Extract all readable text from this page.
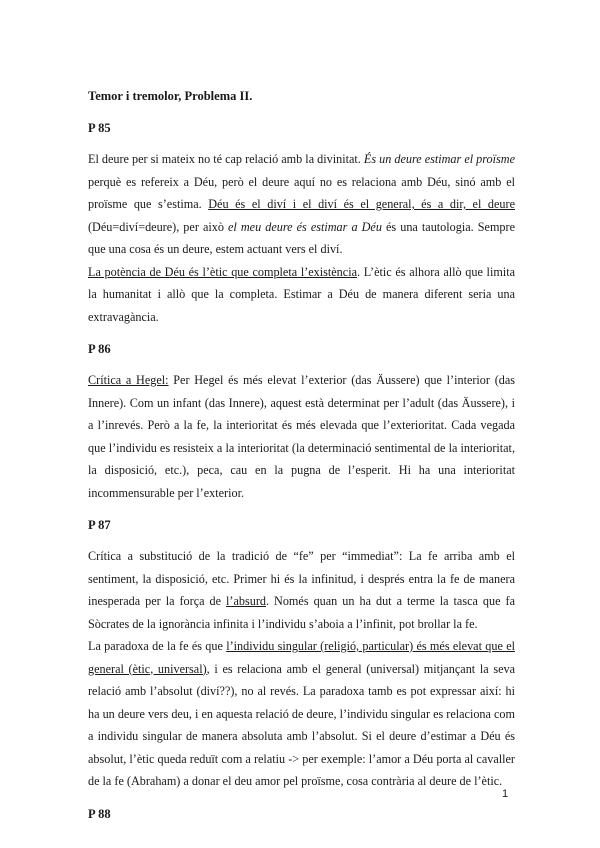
Temor i tremolor, Problema II.
P 85

El deure per si mateix no té cap relació amb la divinitat. És un deure estimar el proïsme perquè es refereix a Déu, però el deure aquí no es relaciona amb Déu, sinó amb el proïsme que s’estima. Déu és el diví i el diví és el general, és a dir, el deure (Déu=diví=deure), per això el meu deure és estimar a Déu és una tautologia. Sempre que una cosa és un deure, estem actuant vers el diví.

La potència de Déu és l’ètic que completa l’existència. L’ètic és alhora allò que limita la humanitat i allò que la completa. Estimar a Déu de manera diferent seria una extravagància.

P 86

Crítica a Hegel: Per Hegel és més elevat l’exterior (das Äussere) que l’interior (das Innere). Com un infant (das Innere), aquest està determinat per l’adult (das Äussere), i a l’inrevés. Però a la fe, la interioritat és més elevada que l’exterioritat. Cada vegada que l’individu es resisteix a la interioritat (la determinació sentimental de la interioritat, la disposició, etc.), peca, cau en la pugna de l’esperit. Hi ha una interioritat incommensurable per l’exterior.

P 87

Crítica a substitució de la tradició de “fe” per “immediat”: La fe arriba amb el sentiment, la disposició, etc. Primer hi és la infinitud, i després entra la fe de manera inesperada per la força de l’absurd. Només quan un ha dut a terme la tasca que fa Sòcrates de la ignorància infinita i l’individu s’aboia a l’infinit, pot brollar la fe.

La paradoxa de la fe és que l’individu singular (religió, particular) és més elevat que el general (ètic, universal), i es relaciona amb el general (universal) mitjançant la seva relació amb l’absolut (diví??), no al revés. La paradoxa tamb es pot expressar així: hi ha un deure vers deu, i en aquesta relació de deure, l’individu singular es relaciona com a individu singular de manera absoluta amb l’absolut. Si el deure d’estimar a Déu és absolut, l’ètic queda reduït com a relatiu -> per exemple: l’amor a Déu porta al cavaller de la fe (Abraham) a donar el deu amor pel proïsme, cosa contrària al deure de l’ètic.

P 88
1
